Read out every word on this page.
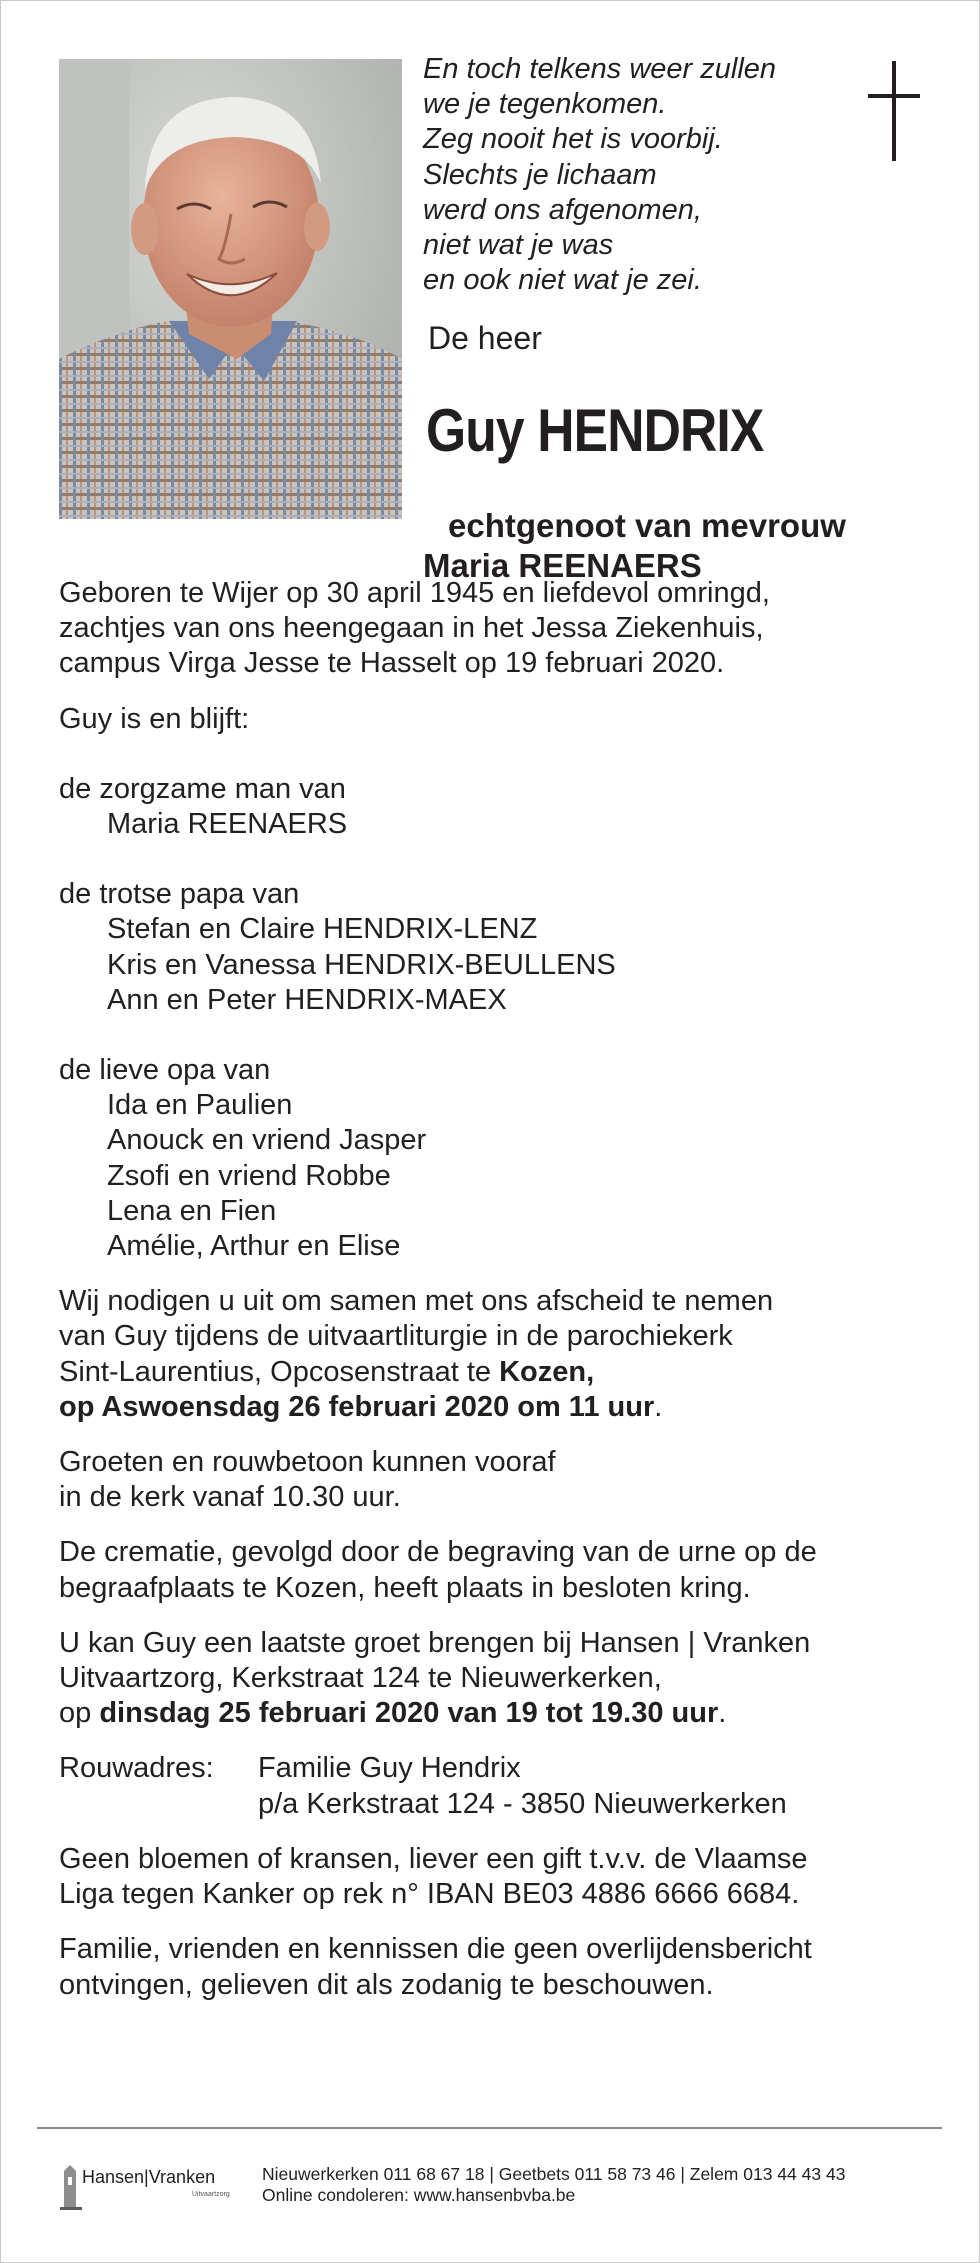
En toch telkens weer zullen
we je tegenkomen.
Zeg nooit het is voorbij.
Slechts je lichaam
werd ons afgenomen,
niet wat je was
en ook niet wat je zei.
De heer
Guy HENDRIX
echtgenoot van mevrouw
Maria REENAERS
Geboren te Wijer op 30 april 1945 en liefdevol omringd,
zachtjes van ons heengegaan in het Jessa Ziekenhuis,
campus Virga Jesse te Hasselt op 19 februari 2020.
Guy is en blijft:
de zorgzame man van
Maria REENAERS
de trotse papa van
Stefan en Claire HENDRIX-LENZ
Kris en Vanessa HENDRIX-BEULLENS
Ann en Peter HENDRIX-MAEX
de lieve opa van
Ida en Paulien
Anouck en vriend Jasper
Zsofi en vriend Robbe
Lena en Fien
Amélie, Arthur en Elise
Wij nodigen u uit om samen met ons afscheid te nemen
van Guy tijdens de uitvaartliturgie in de parochiekerk
Sint-Laurentius, Opcosenstraat te Kozen,
op Aswoensdag 26 februari 2020 om 11 uur.
Groeten en rouwbetoon kunnen vooraf
in de kerk vanaf 10.30 uur.
De crematie, gevolgd door de begraving van de urne op de
begraafplaats te Kozen, heeft plaats in besloten kring.
U kan Guy een laatste groet brengen bij Hansen | Vranken
Uitvaartzorg, Kerkstraat 124 te Nieuwerkerken,
op dinsdag 25 februari 2020 van 19 tot 19.30 uur.
Rouwadres:	Familie Guy Hendrix
p/a Kerkstraat 124 - 3850 Nieuwerkerken
Geen bloemen of kransen, liever een gift t.v.v. de Vlaamse
Liga tegen Kanker op rek n° IBAN BE03 4886 6666 6684.
Familie, vrienden en kennissen die geen overlijdensbericht
ontvingen, gelieven dit als zodanig te beschouwen.
Hansen|Vranken
Uitvaartzorg
Nieuwerkerken 011 68 67 18 | Geetbets 011 58 73 46 | Zelem 013 44 43 43
Online condoleren: www.hansenbvba.be
